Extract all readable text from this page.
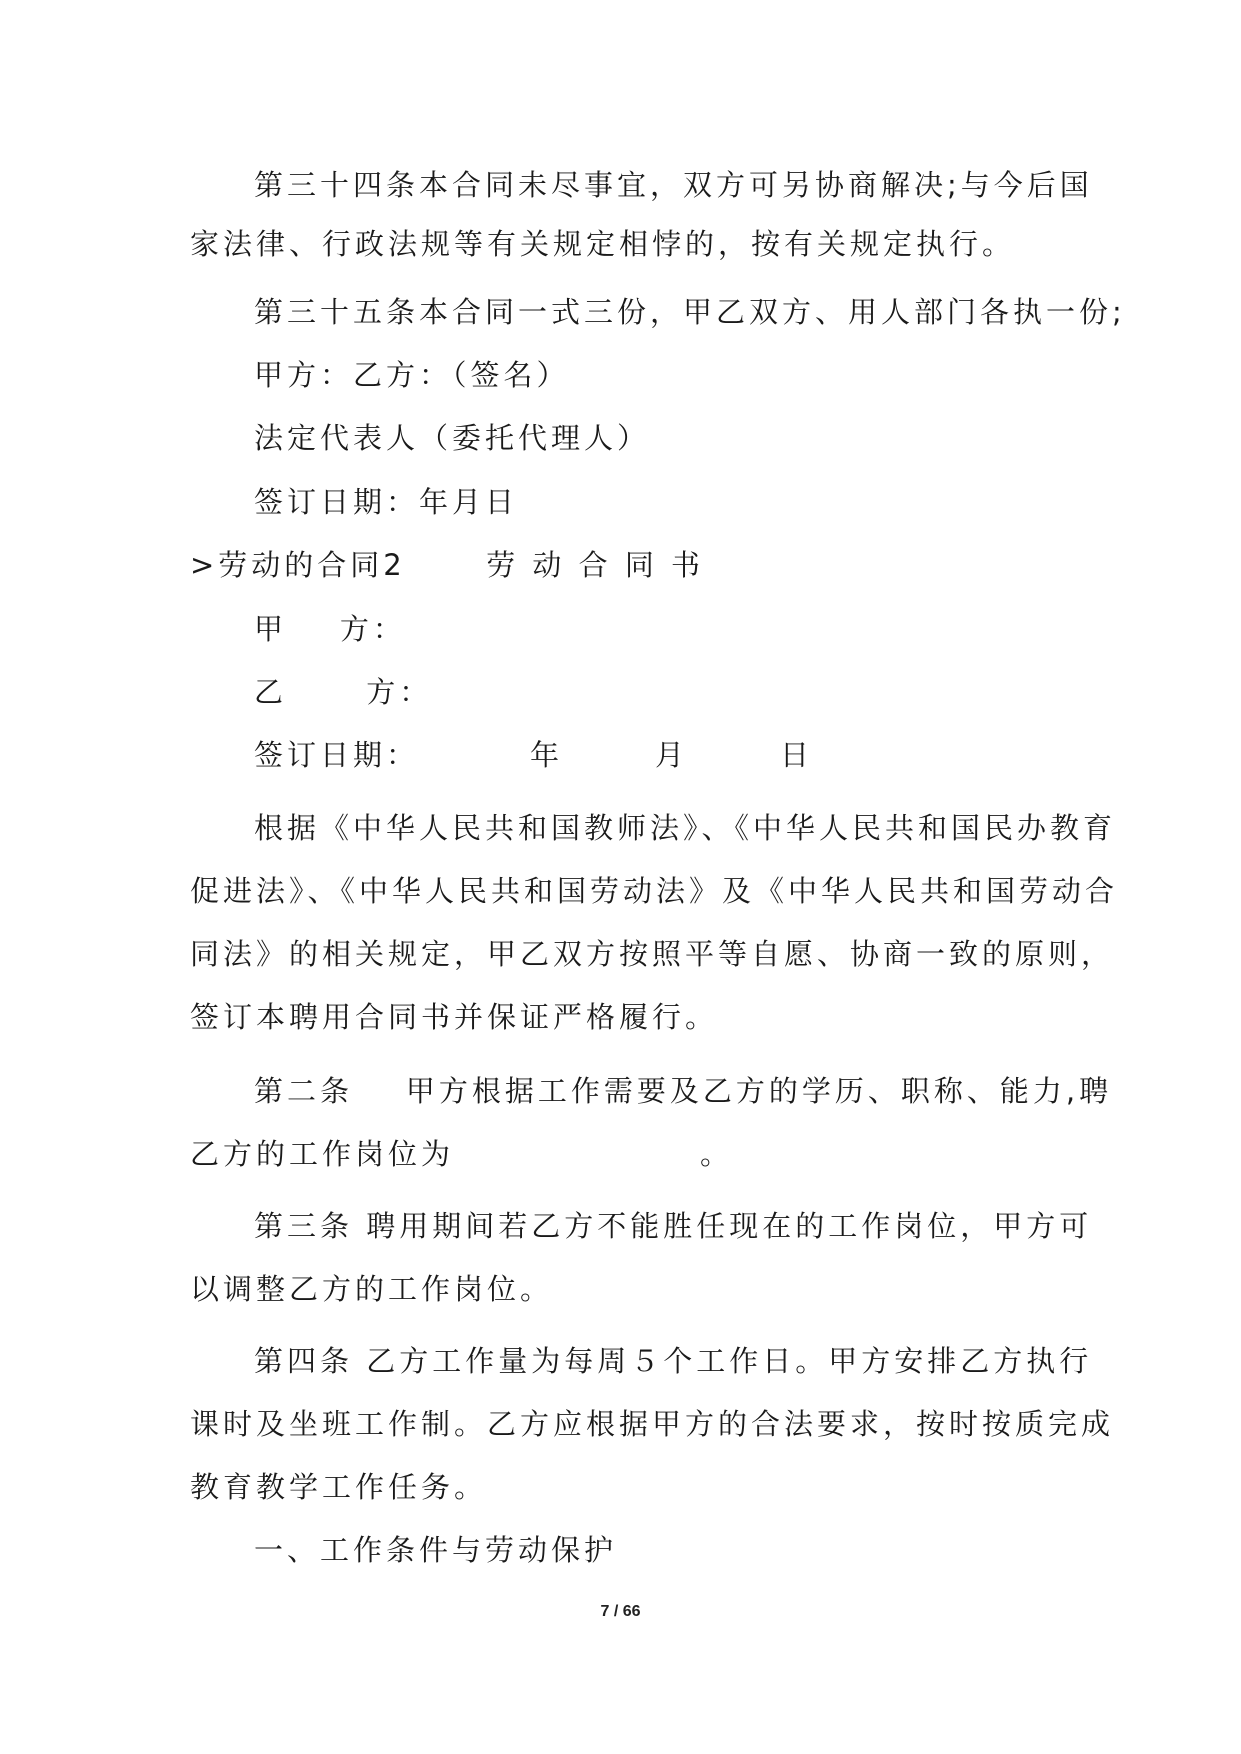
第三十四条本合同未尽事宜，双方可另协商解决;与今后国
家法律、行政法规等有关规定相悖的，按有关规定执行。
第三十五条本合同一式三份，甲乙双方、用人部门各执一份;
甲方：乙方：（签名）
法定代表人（委托代理人）
签订日期：年月日
>劳动的合同2	劳 动 合 同 书
甲    方：
乙      方：
签订日期：	年	月	日
根据《中华人民共和国教师法》、《中华人民共和国民办教育
促进法》、《中华人民共和国劳动法》及《中华人民共和国劳动合
同法》的相关规定，甲乙双方按照平等自愿、协商一致的原则，
签订本聘用合同书并保证严格履行。
第二条    甲方根据工作需要及乙方的学历、职称、能力,聘
乙方的工作岗位为	。
第三条 聘用期间若乙方不能胜任现在的工作岗位，甲方可
以调整乙方的工作岗位。
第四条 乙方工作量为每周５个工作日。甲方安排乙方执行
课时及坐班工作制。乙方应根据甲方的合法要求，按时按质完成
教育教学工作任务。
一、工作条件与劳动保护
7 / 66
